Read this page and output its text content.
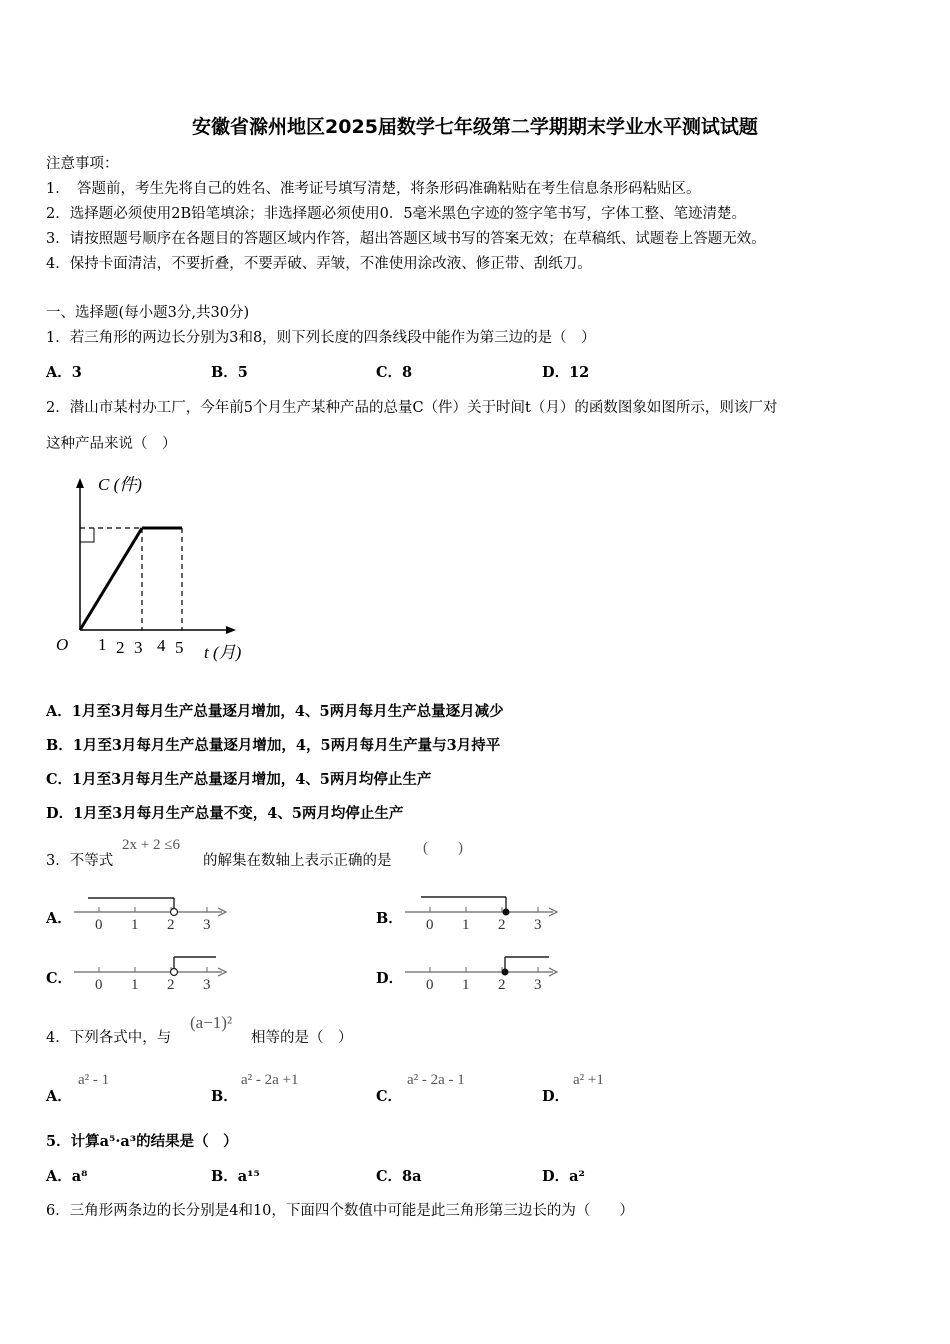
安徽省滁州地区2025届数学七年级第二学期期末学业水平测试试题
注意事项：
1．　答题前，考生先将自己的姓名、准考证号填写清楚，将条形码准确粘贴在考生信息条形码粘贴区。
2．选择题必须使用2B铅笔填涂；非选择题必须使用0．5毫米黑色字迹的签字笔书写，字体工整、笔迹清楚。
3．请按照题号顺序在各题目的答题区域内作答，超出答题区域书写的答案无效；在草稿纸、试题卷上答题无效。
4．保持卡面清洁，不要折叠，不要弄破、弄皱，不准使用涂改液、修正带、刮纸刀。
一、选择题(每小题3分,共30分)
1．若三角形的两边长分别为3和8，则下列长度的四条线段中能作为第三边的是（　）
A．3	B．5	C．8	D．12
2．潜山市某村办工厂，今年前5个月生产某种产品的总量C（件）关于时间t（月）的函数图象如图所示，则该厂对
这种产品来说（　）
C (件)
O 1 2 3 4 5 t (月)
A．1月至3月每月生产总量逐月增加，4、5两月每月生产总量逐月减少
B．1月至3月每月生产总量逐月增加，4，5两月每月生产量与3月持平
C．1月至3月每月生产总量逐月增加，4、5两月均停止生产
D．1月至3月每月生产总量不变，4、5两月均停止生产
3．不等式
2x + 2 ≤6
的解集在数轴上表示正确的是
(　　)
A． 0 1 2 3	B． 0 1 2 3
C． 0 1 2 3	D． 0 1 2 3
4．下列各式中，与
(a−1)²
相等的是（　）
A．
a² - 1
B．
a² - 2a +1
C．
a² - 2a - 1
D．
a² +1
5．计算a⁵·a³的结果是（　）
A．a⁸	B．a¹⁵	C．8a	D．a²
6．三角形两条边的长分别是4和10，下面四个数值中可能是此三角形第三边长的为（　　）
